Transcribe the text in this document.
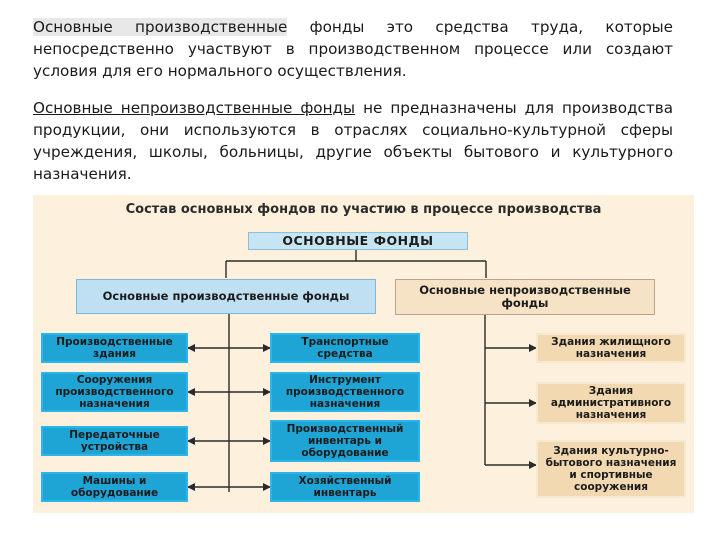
Основные производственные фонды это средства труда, которые непосредственно участвуют в производственном процессе или создают условия для его нормального осуществления.
Основные непроизводственные фонды не предназначены для производства продукции, они используются в отраслях социально-культурной сферы учреждения, школы, больницы, другие объекты бытового и культурного назначения.
Состав основных фондов по участию в процессе производства
ОСНОВНЫЕ ФОНДЫ
Основные производственные фонды	Основные непроизводственные фонды
Производственные здания
Сооружения производственного назначения
Передаточные устройства
Машины и оборудование
Транспортные средства
Инструмент производственного назначения
Производственный инвентарь и оборудование
Хозяйственный инвентарь
Здания жилищного назначения
Здания административного назначения
Здания культурно-бытового назначения и спортивные сооружения
